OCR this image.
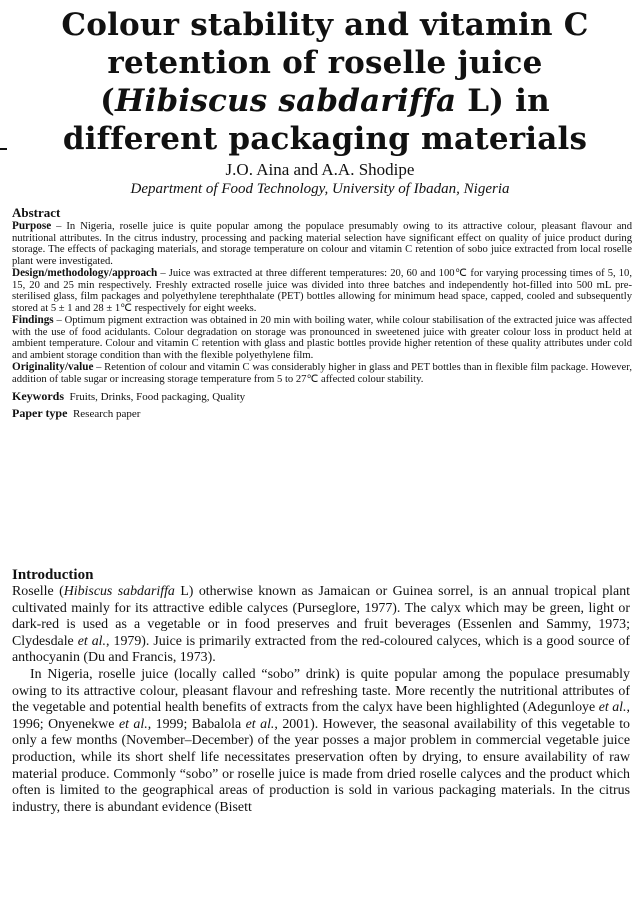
Colour stability and vitamin C
retention of roselle juice
(Hibiscus sabdariffa L) in
different packaging materials
J.O. Aina and A.A. Shodipe
Department of Food Technology, University of Ibadan, Nigeria
Abstract

Purpose – In Nigeria, roselle juice is quite popular among the populace presumably owing to its attractive colour, pleasant flavour and nutritional attributes. In the citrus industry, processing and packing material selection have significant effect on quality of juice product during storage. The effects of packaging materials, and storage temperature on colour and vitamin C retention of sobo juice extracted from local roselle plant were investigated.

Design/methodology/approach – Juice was extracted at three different temperatures: 20, 60 and 100℃ for varying processing times of 5, 10, 15, 20 and 25 min respectively. Freshly extracted roselle juice was divided into three batches and independently hot-filled into 500 mL pre-sterilised glass, film packages and polyethylene terephthalate (PET) bottles allowing for minimum head space, capped, cooled and subsequently stored at 5 ± 1 and 28 ± 1℃ respectively for eight weeks.

Findings – Optimum pigment extraction was obtained in 20 min with boiling water, while colour stabilisation of the extracted juice was affected with the use of food acidulants. Colour degradation on storage was pronounced in sweetened juice with greater colour loss in product held at ambient temperature. Colour and vitamin C retention with glass and plastic bottles provide higher retention of these quality attributes under cold and ambient storage condition than with the flexible polyethylene film.

Originality/value – Retention of colour and vitamin C was considerably higher in glass and PET bottles than in flexible film package. However, addition of table sugar or increasing storage temperature from 5 to 27℃ affected colour stability.

Keywords Fruits, Drinks, Food packaging, Quality
Paper type Research paper
Introduction

Roselle (Hibiscus sabdariffa L) otherwise known as Jamaican or Guinea sorrel, is an annual tropical plant cultivated mainly for its attractive edible calyces (Purseglore, 1977). The calyx which may be green, light or dark-red is used as a vegetable or in food preserves and fruit beverages (Essenlen and Sammy, 1973; Clydesdale et al., 1979). Juice is primarily extracted from the red-coloured calyces, which is a good source of anthocyanin (Du and Francis, 1973).

In Nigeria, roselle juice (locally called “sobo” drink) is quite popular among the populace presumably owing to its attractive colour, pleasant flavour and refreshing taste. More recently the nutritional attributes of the vegetable and potential health benefits of extracts from the calyx have been highlighted (Adegunloye et al., 1996; Onyenekwe et al., 1999; Babalola et al., 2001). However, the seasonal availability of this vegetable to only a few months (November–December) of the year posses a major problem in commercial vegetable juice production, while its short shelf life necessitates preservation often by drying, to ensure availability of raw material produce. Commonly “sobo” or roselle juice is made from dried roselle calyces and the product which often is limited to the geographical areas of production is sold in various packaging materials. In the citrus industry, there is abundant evidence (Bisett
